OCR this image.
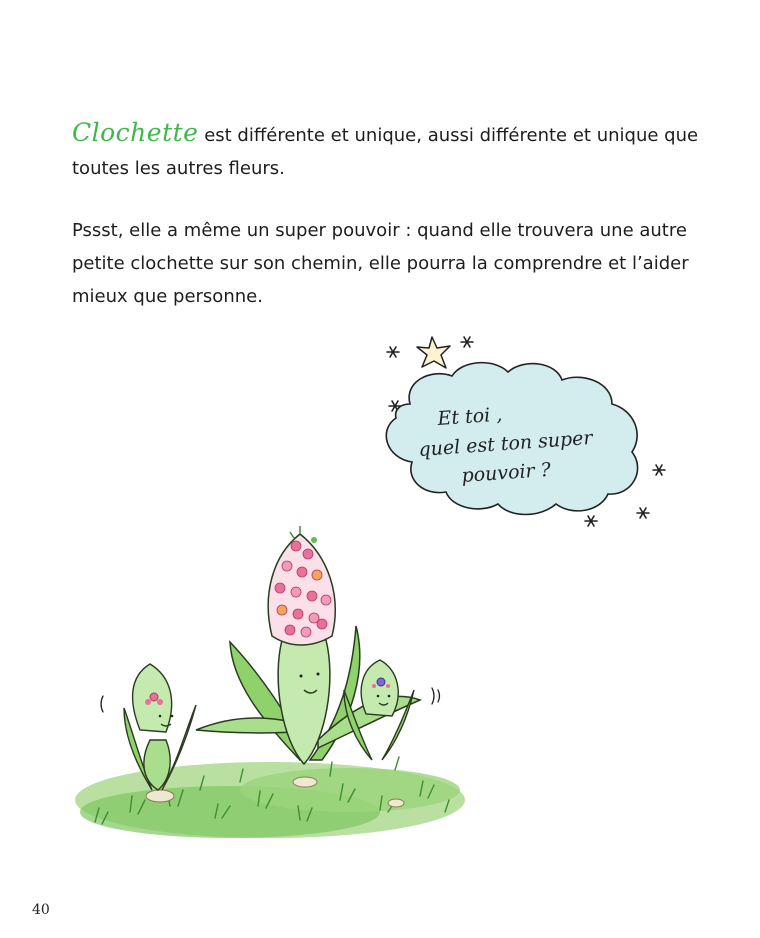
Clochette est différente et unique, aussi différente et unique que toutes les autres fleurs.

Pssst, elle a même un super pouvoir : quand elle trouvera une autre petite clochette sur son chemin, elle pourra la comprendre et l’aider mieux que personne.

Et toi ,
quel est ton super
pouvoir ?
40
